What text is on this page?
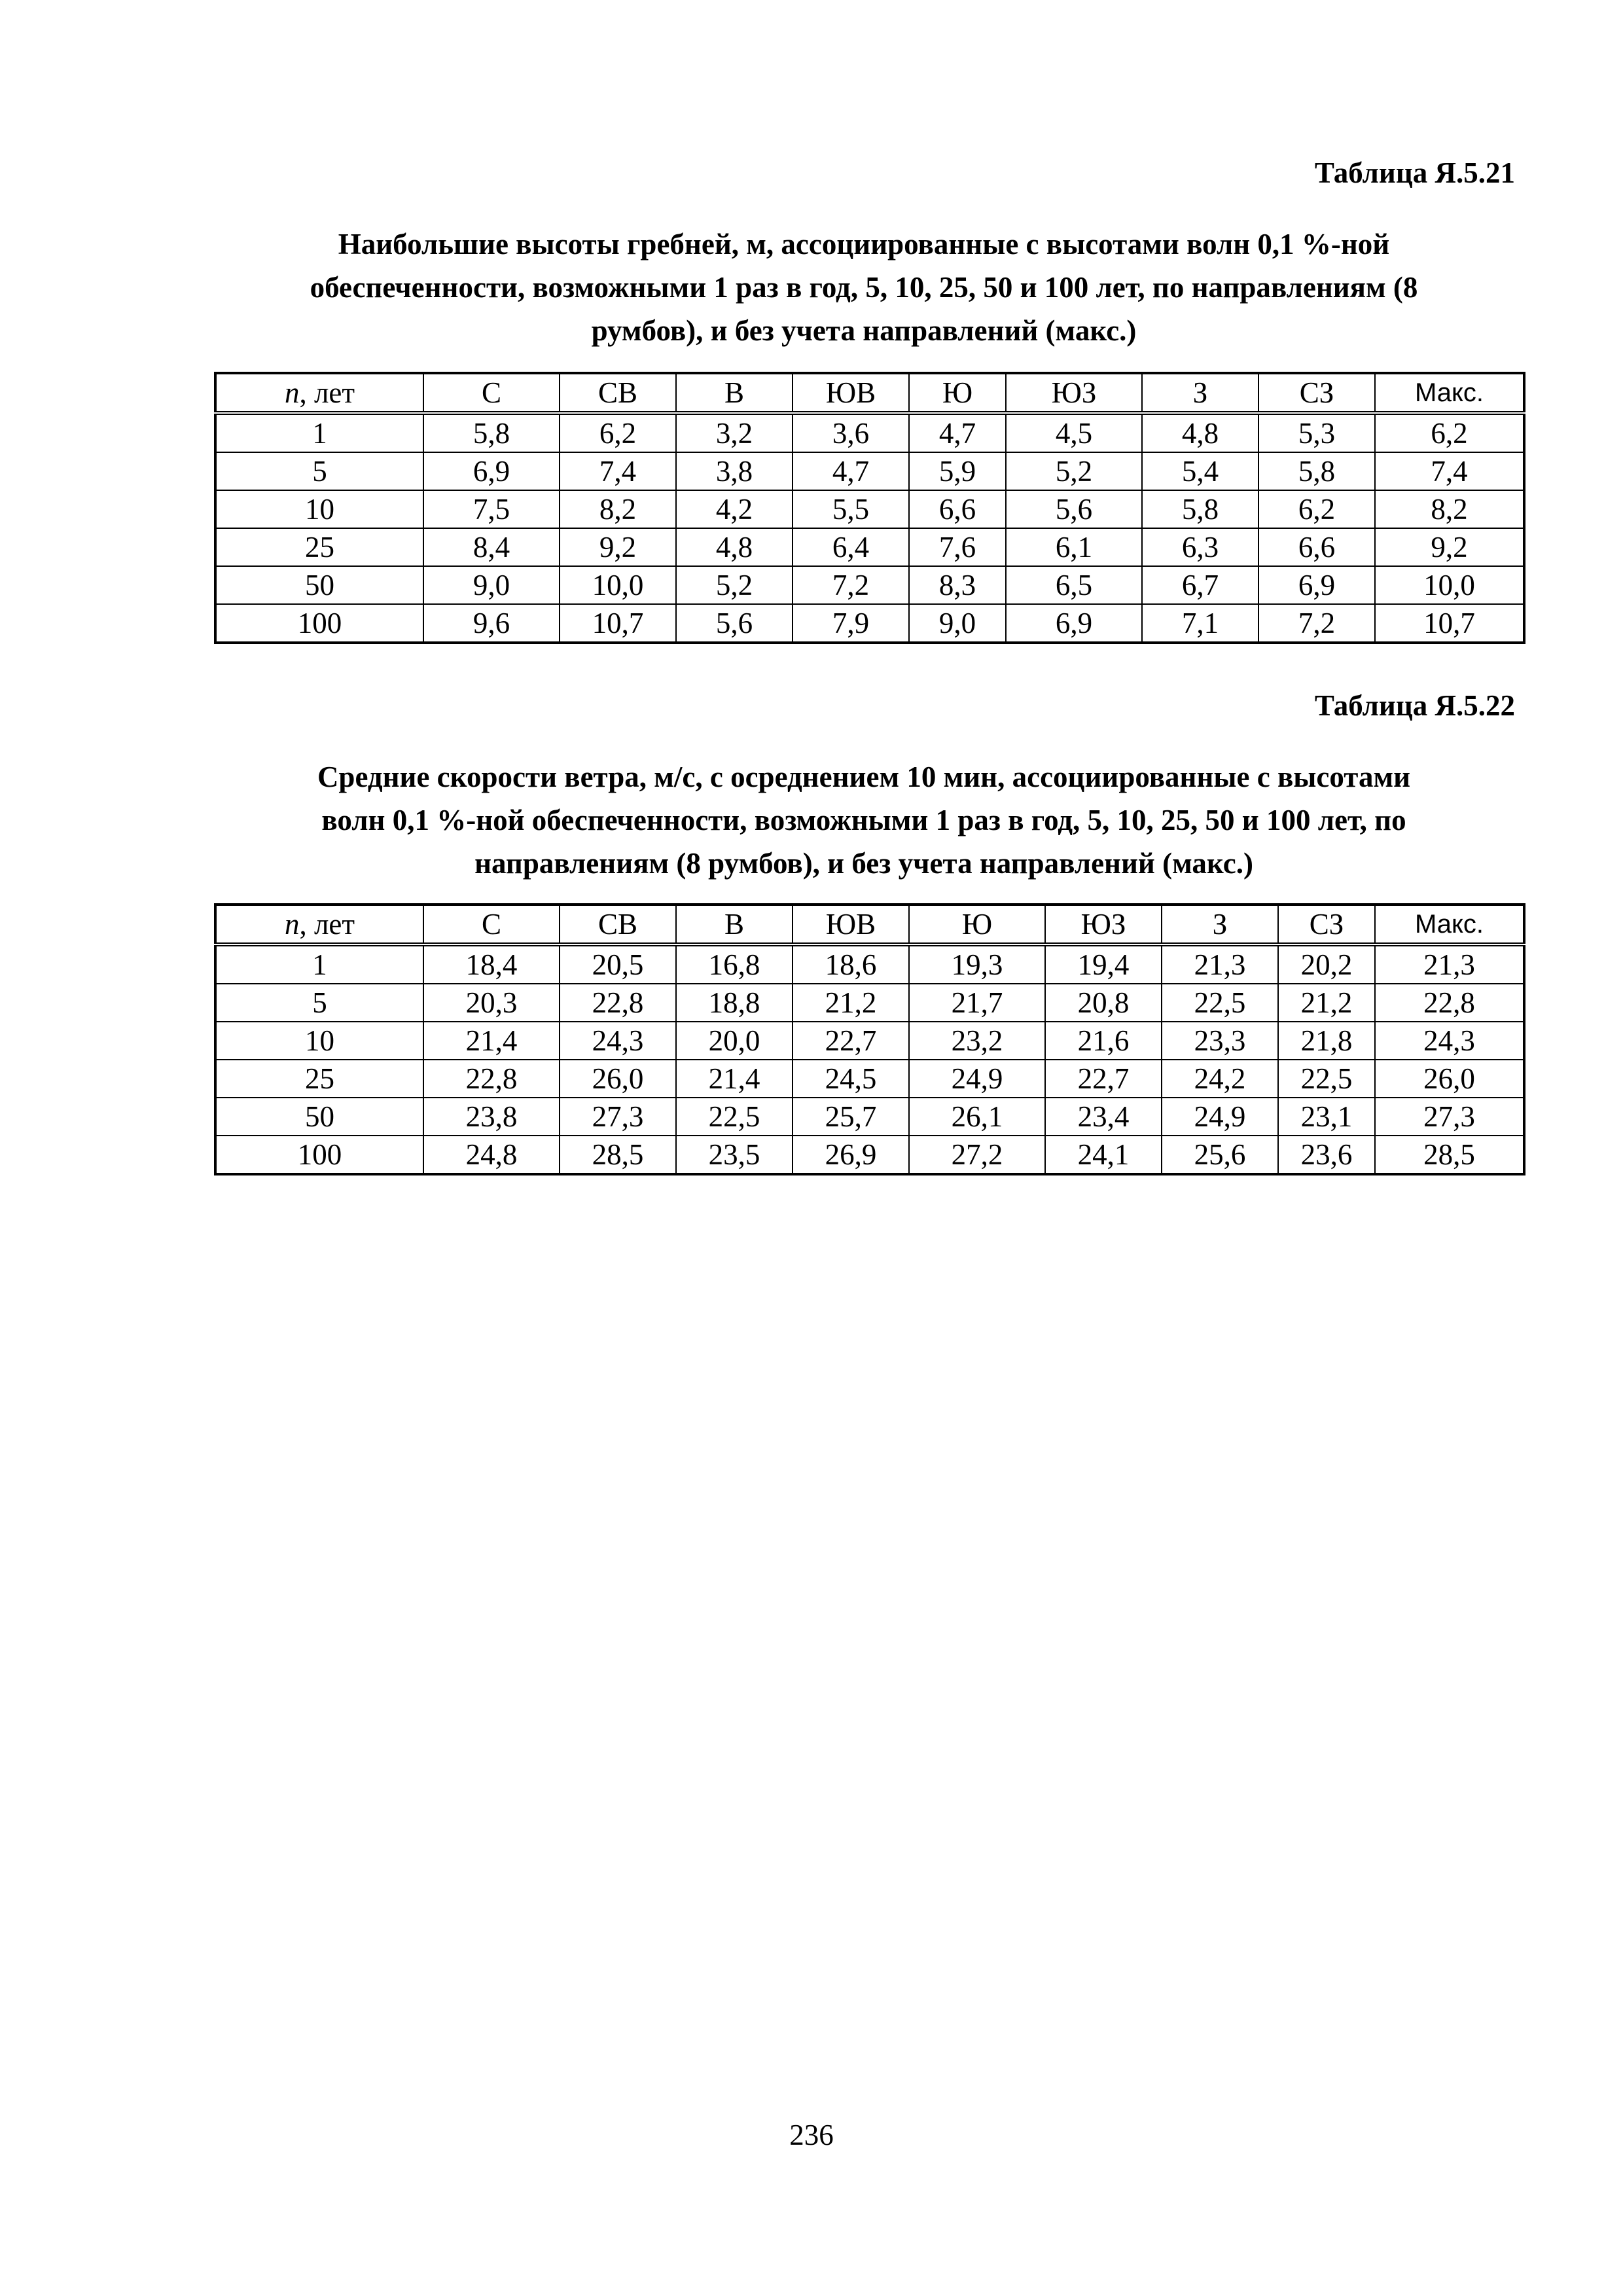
Таблица Я.5.21

Наибольшие высоты гребней, м, ассоциированные с высотами волн 0,1 %-ной
обеспеченности, возможными 1 раз в год, 5, 10, 25, 50 и 100 лет, по направлениям (8
румбов), и без учета направлений (макс.)
n, лет	С	СВ	В	ЮВ	Ю	ЮЗ	З	СЗ	Макс.
1	5,8	6,2	3,2	3,6	4,7	4,5	4,8	5,3	6,2
5	6,9	7,4	3,8	4,7	5,9	5,2	5,4	5,8	7,4
10	7,5	8,2	4,2	5,5	6,6	5,6	5,8	6,2	8,2
25	8,4	9,2	4,8	6,4	7,6	6,1	6,3	6,6	9,2
50	9,0	10,0	5,2	7,2	8,3	6,5	6,7	6,9	10,0
100	9,6	10,7	5,6	7,9	9,0	6,9	7,1	7,2	10,7

Таблица Я.5.22

Средние скорости ветра, м/с, с осреднением 10 мин, ассоциированные с высотами
волн 0,1 %-ной обеспеченности, возможными 1 раз в год, 5, 10, 25, 50 и 100 лет, по
направлениям (8 румбов), и без учета направлений (макс.)
n, лет	С	СВ	В	ЮВ	Ю	ЮЗ	З	СЗ	Макс.
1	18,4	20,5	16,8	18,6	19,3	19,4	21,3	20,2	21,3
5	20,3	22,8	18,8	21,2	21,7	20,8	22,5	21,2	22,8
10	21,4	24,3	20,0	22,7	23,2	21,6	23,3	21,8	24,3
25	22,8	26,0	21,4	24,5	24,9	22,7	24,2	22,5	26,0
50	23,8	27,3	22,5	25,7	26,1	23,4	24,9	23,1	27,3
100	24,8	28,5	23,5	26,9	27,2	24,1	25,6	23,6	28,5

236
